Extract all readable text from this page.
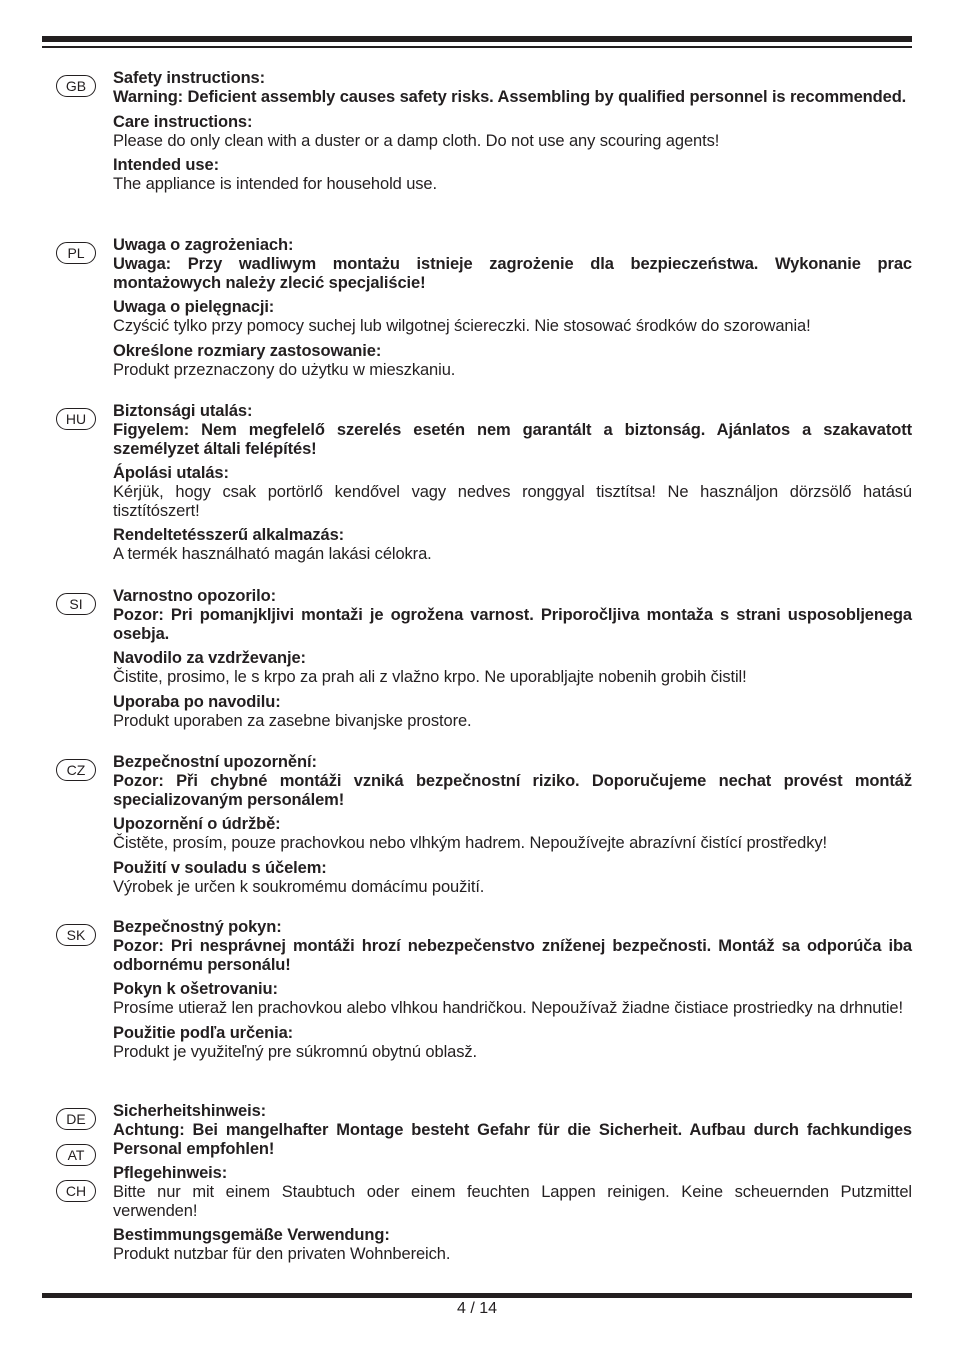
GB	Safety instructions:
Warning: Deficient assembly causes safety risks. Assembling by qualified personnel is recommended.
Care instructions:
Please do only clean with a duster or a damp cloth. Do not use any scouring agents!
Intended use:
The appliance is intended for household use.
PL	Uwaga o zagrożeniach:
Uwaga: Przy wadliwym montażu istnieje zagrożenie dla bezpieczeństwa. Wykonanie prac montażowych należy zlecić specjaliście!
Uwaga o pielęgnacji:
Czyścić tylko przy pomocy suchej lub wilgotnej ściereczki. Nie stosować środków do szorowania!
Określone rozmiary zastosowanie:
Produkt przeznaczony do użytku w mieszkaniu.
HU	Biztonsági utalás:
Figyelem: Nem megfelelő szerelés esetén nem garantált a biztonság. Ajánlatos a szakavatott személyzet általi felépítés!
Ápolási utalás:
Kérjük, hogy csak portörlő kendővel vagy nedves ronggyal tisztítsa! Ne használjon dörzsölő hatású tisztítószert!
Rendeltetésszerű alkalmazás:
A termék használható magán lakási célokra.
SI	Varnostno opozorilo:
Pozor: Pri pomanjkljivi montaži je ogrožena varnost. Priporočljiva montaža s strani usposobljenega osebja.
Navodilo za vzdrževanje:
Čistite, prosimo, le s krpo za prah ali z vlažno krpo. Ne uporabljajte nobenih grobih čistil!
Uporaba po navodilu:
Produkt uporaben za zasebne bivanjske prostore.
CZ	Bezpečnostní upozornění:
Pozor: Při chybné montáži vzniká bezpečnostní riziko. Doporučujeme nechat provést montáž specializovaným personálem!
Upozornění o údržbě:
Čistěte, prosím, pouze prachovkou nebo vlhkým hadrem. Nepoužívejte abrazívní čistící prostředky!
Použití v souladu s účelem:
Výrobek je určen k soukromému domácímu použití.
SK	Bezpečnostný pokyn:
Pozor: Pri nesprávnej montáži hrozí nebezpečenstvo zníženej bezpečnosti. Montáž sa odporúča iba odbornému personálu!
Pokyn k ošetrovaniu:
Prosíme utieraž len prachovkou alebo vlhkou handričkou. Nepoužívaž žiadne čistiace prostriedky na drhnutie!
Použitie podľa určenia:
Produkt je využiteľný pre súkromnú obytnú oblasž.
DE
AT
CH
Sicherheitshinweis:
Achtung: Bei mangelhafter Montage besteht Gefahr für die Sicherheit. Aufbau durch fachkundiges Personal empfohlen!
Pflegehinweis:
Bitte nur mit einem Staubtuch oder einem feuchten Lappen reinigen. Keine scheuernden Putzmittel verwenden!
Bestimmungsgemäße Verwendung:
Produkt nutzbar für den privaten Wohnbereich.
4 / 14
